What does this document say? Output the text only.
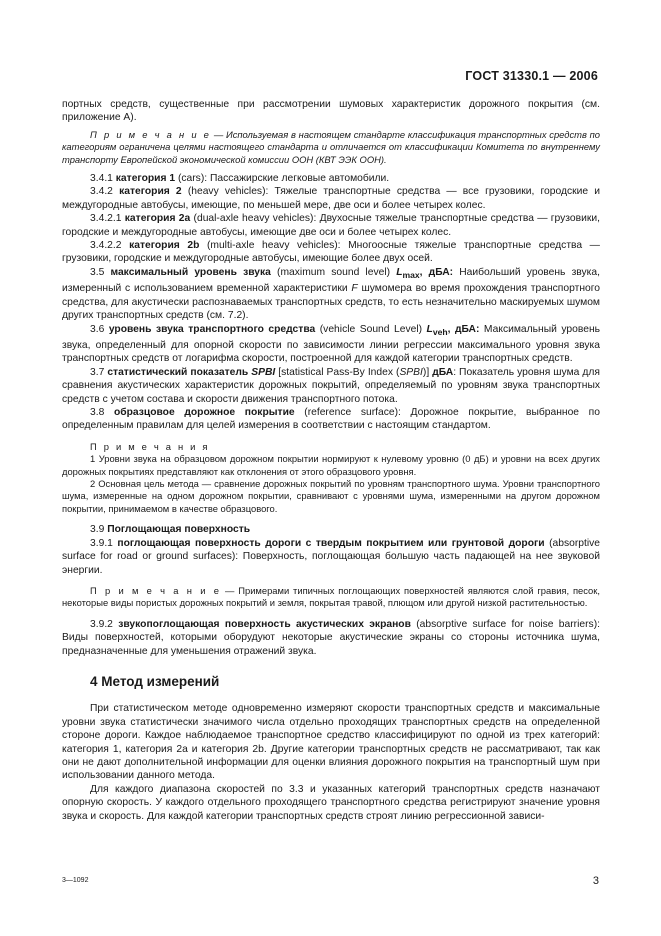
ГОСТ 31330.1 — 2006

портных средств, существенные при рассмотрении шумовых характеристик дорожного покрытия (см. приложение А).

П р и м е ч а н и е — Используемая в настоящем стандарте классификация транспортных средств по категориям ограничена целями настоящего стандарта и отличается от классификации Комитета по внутреннему транспорту Европейской экономической комиссии ООН (КВТ ЭЭК ООН).

3.4.1 категория 1 (cars): Пассажирские легковые автомобили.

3.4.2 категория 2 (heavy vehicles): Тяжелые транспортные средства — все грузовики, городские и междугородные автобусы, имеющие, по меньшей мере, две оси и более четырех колес.

3.4.2.1 категория 2а (dual-axle heavy vehicles): Двухосные тяжелые транспортные средства — грузовики, городские и междугородные автобусы, имеющие две оси и более четырех колес.

3.4.2.2 категория 2b (multi-axle heavy vehicles): Многоосные тяжелые транспортные средства — грузовики, городские и междугородные автобусы, имеющие более двух осей.

3.5 максимальный уровень звука (maximum sound level) $L_{max}$, дБА: Наибольший уровень звука, измеренный с использованием временной характеристики F шумомера во время прохождения транспортного средства, для акустически распознаваемых транспортных средств, то есть незначительно маскируемых шумом других транспортных средств (см. 7.2).

3.6 уровень звука транспортного средства (vehicle Sound Level) $L_{veh}$, дБА: Максимальный уровень звука, определенный для опорной скорости по зависимости линии регрессии максимального уровня звука транспортных средств от логарифма скорости, построенной для каждой категории транспортных средств.

3.7 статистический показатель SPBI [statistical Pass-By Index (SPBI)] дБА: Показатель уровня шума для сравнения акустических характеристик дорожных покрытий, определяемый по уровням звука транспортных средств с учетом состава и скорости движения транспортного потока.

3.8 образцовое дорожное покрытие (reference surface): Дорожное покрытие, выбранное по определенным правилам для целей измерения в соответствии с настоящим стандартом.

П р и м е ч а н и я

1 Уровни звука на образцовом дорожном покрытии нормируют к нулевому уровню (0 дБ) и уровни на всех других дорожных покрытиях представляют как отклонения от этого образцового уровня.

2 Основная цель метода — сравнение дорожных покрытий по уровням транспортного шума. Уровни транспортного шума, измеренные на одном дорожном покрытии, сравнивают с уровнями шума, измеренными на другом дорожном покрытии, принимаемом в качестве образцового.

3.9 Поглощающая поверхность

3.9.1 поглощающая поверхность дороги с твердым покрытием или грунтовой дороги (absorptive surface for road or ground surfaces): Поверхность, поглощающая большую часть падающей на нее звуковой энергии.

П р и м е ч а н и е — Примерами типичных поглощающих поверхностей являются слой гравия, песок, некоторые виды пористых дорожных покрытий и земля, покрытая травой, плющом или другой низкой растительностью.

3.9.2 звукопоглощающая поверхность акустических экранов (absorptive surface for noise barriers): Виды поверхностей, которыми оборудуют некоторые акустические экраны со стороны источника шума, предназначенные для уменьшения отражений звука.

4 Метод измерений

При статистическом методе одновременно измеряют скорости транспортных средств и максимальные уровни звука статистически значимого числа отдельно проходящих транспортных средств на определенной стороне дороги. Каждое наблюдаемое транспортное средство классифицируют по одной из трех категорий: категория 1, категория 2а и категория 2b. Другие категории транспортных средств не рассматривают, так как они не дают дополнительной информации для оценки влияния дорожного покрытия на транспортный шум при использовании данного метода.

Для каждого диапазона скоростей по 3.3 и указанных категорий транспортных средств назначают опорную скорость. У каждого отдельного проходящего транспортного средства регистрируют значение уровня звука и скорость. Для каждой категории транспортных средств строят линию регрессионной зависи-

3—1092	3
